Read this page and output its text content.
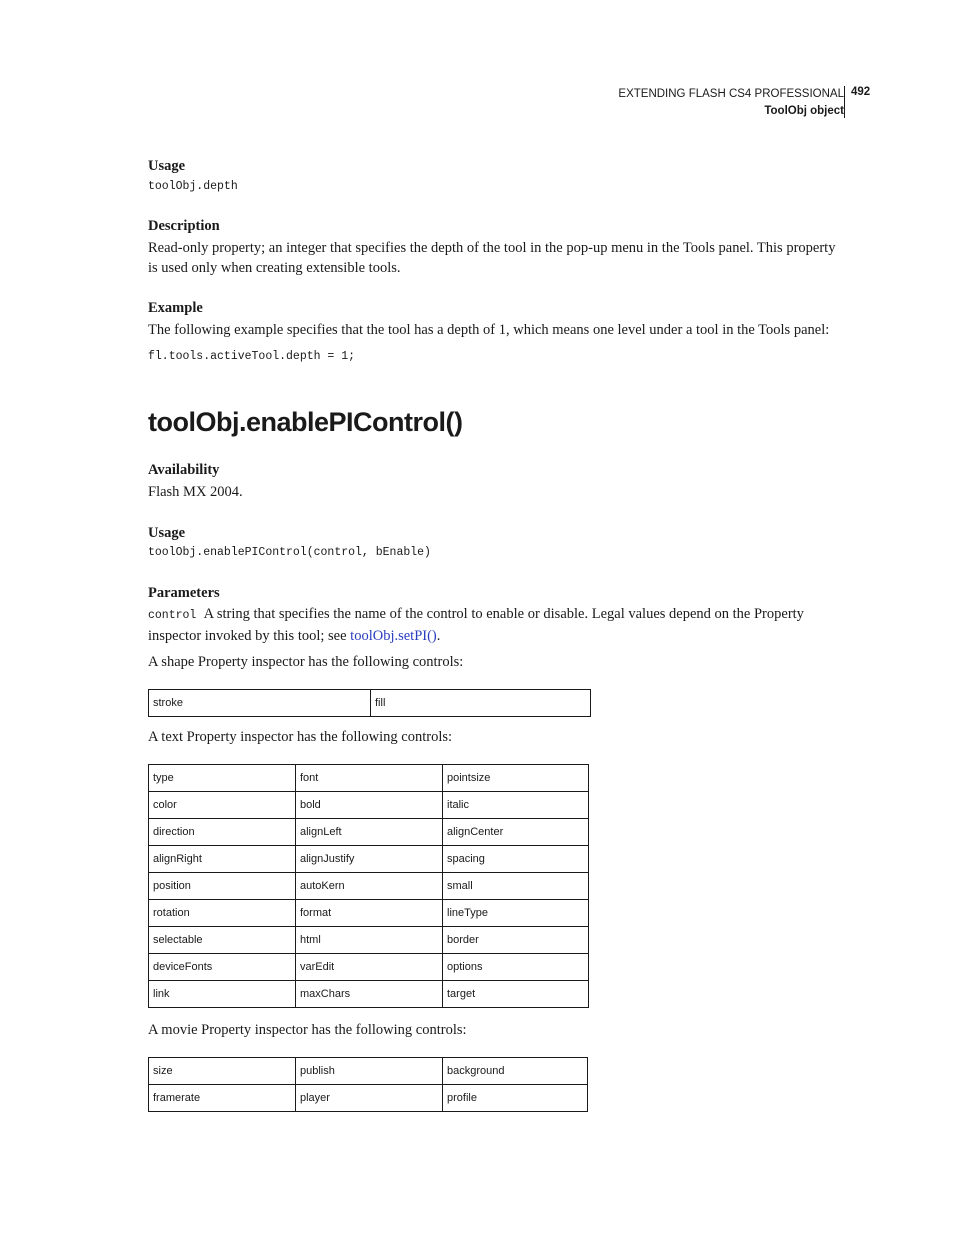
EXTENDING FLASH CS4 PROFESSIONAL
ToolObj object
492
Usage
toolObj.depth
Description
Read-only property; an integer that specifies the depth of the tool in the pop-up menu in the Tools panel. This property is used only when creating extensible tools.
Example
The following example specifies that the tool has a depth of 1, which means one level under a tool in the Tools panel:
fl.tools.activeTool.depth = 1;
toolObj.enablePIControl()
Availability
Flash MX 2004.
Usage
toolObj.enablePIControl(control, bEnable)
Parameters
control A string that specifies the name of the control to enable or disable. Legal values depend on the Property inspector invoked by this tool; see toolObj.setPI().
A shape Property inspector has the following controls:
stroke	fill
A text Property inspector has the following controls:
type	font	pointsize
color	bold	italic
direction	alignLeft	alignCenter
alignRight	alignJustify	spacing
position	autoKern	small
rotation	format	lineType
selectable	html	border
deviceFonts	varEdit	options
link	maxChars	target
A movie Property inspector has the following controls:
size	publish	background
framerate	player	profile
